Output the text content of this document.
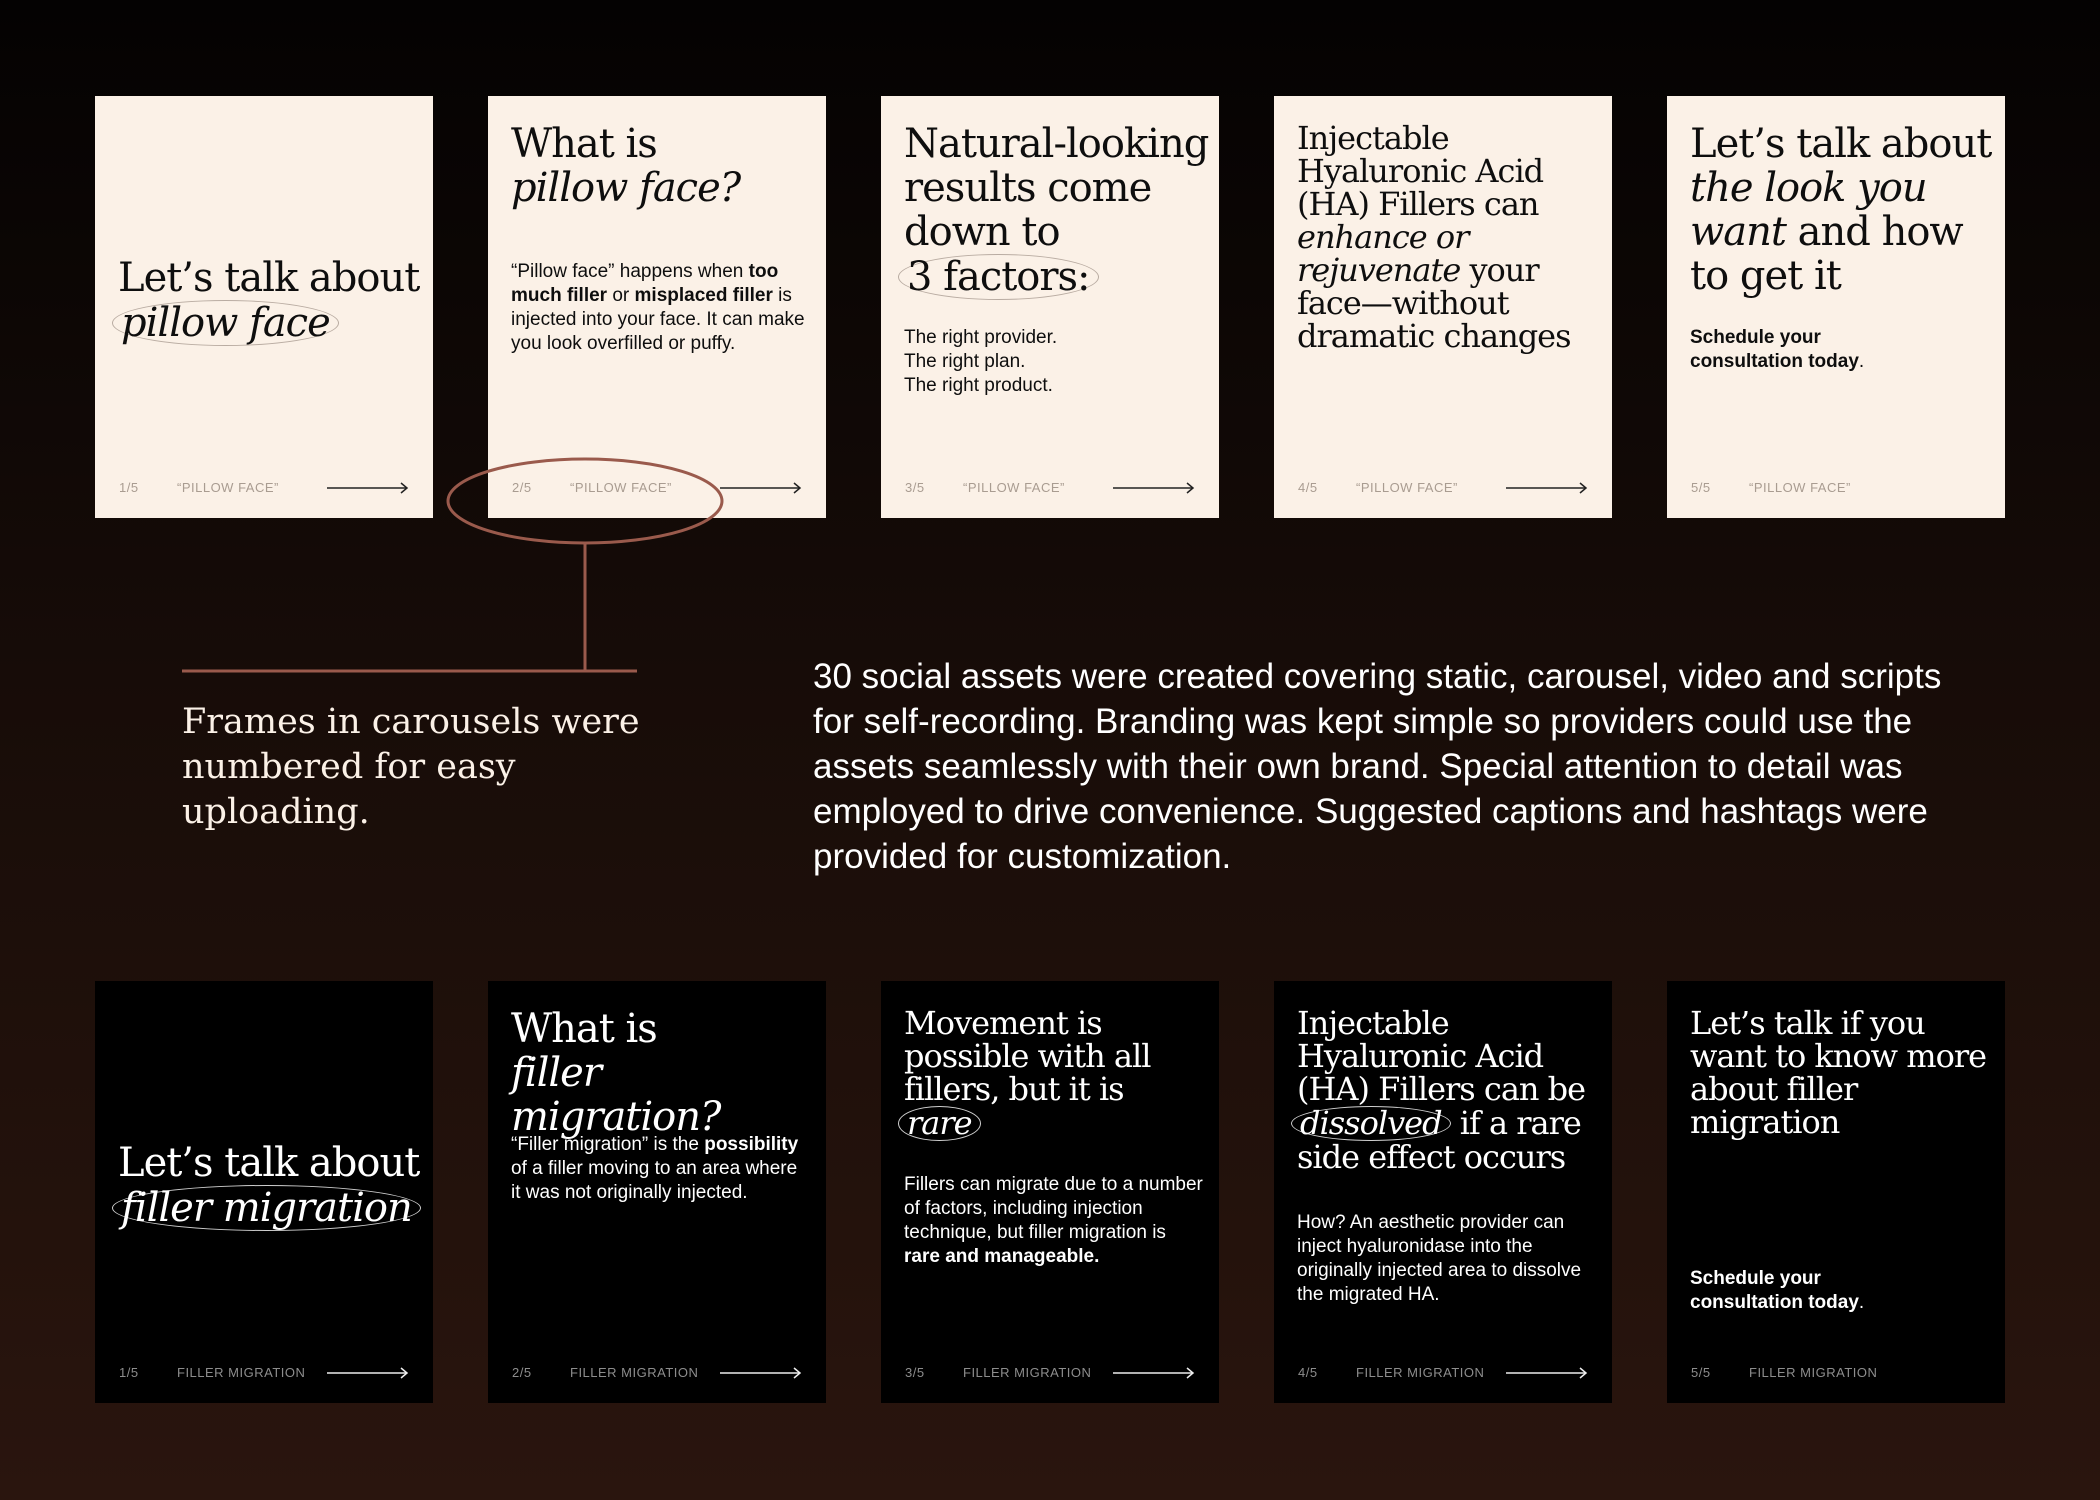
Let’s talk about
pillow face
1/5	“PILLOW FACE”
What is
pillow face?
“Pillow face” happens when too much filler or misplaced filler is injected into your face. It can make you look overfilled or puffy.
2/5	“PILLOW FACE”
Natural-looking results come down to 3 factors:

The right provider.

The right plan.

The right product.

3/5	“PILLOW FACE”
Injectable Hyaluronic Acid (HA) Fillers can enhance or rejuvenate your face—without dramatic changes
4/5	“PILLOW FACE”
Let’s talk about the look you want and how to get it
Schedule your consultation today.
5/5	“PILLOW FACE”

Frames in carousels were numbered for easy uploading.

30 social assets were created covering static, carousel, video and scripts for self-recording. Branding was kept simple so providers could use the assets seamlessly with their own brand. Special attention to detail was employed to drive convenience. Suggested captions and hashtags were provided for customization.

Let’s talk about
filler migration
1/5	FILLER MIGRATION
What is
filler migration?
“Filler migration” is the possibility of a filler moving to an area where it was not originally injected.
2/5	FILLER MIGRATION
Movement is possible with all fillers, but it is rare
Fillers can migrate due to a number of factors, including injection technique, but filler migration is rare and manageable.
3/5	FILLER MIGRATION
Injectable Hyaluronic Acid (HA) Fillers can be dissolved if a rare side effect occurs
How? An aesthetic provider can inject hyaluronidase into the originally injected area to dissolve the migrated HA.
4/5	FILLER MIGRATION
Let’s talk if you want to know more about filler migration
Schedule your consultation today.
5/5	FILLER MIGRATION
